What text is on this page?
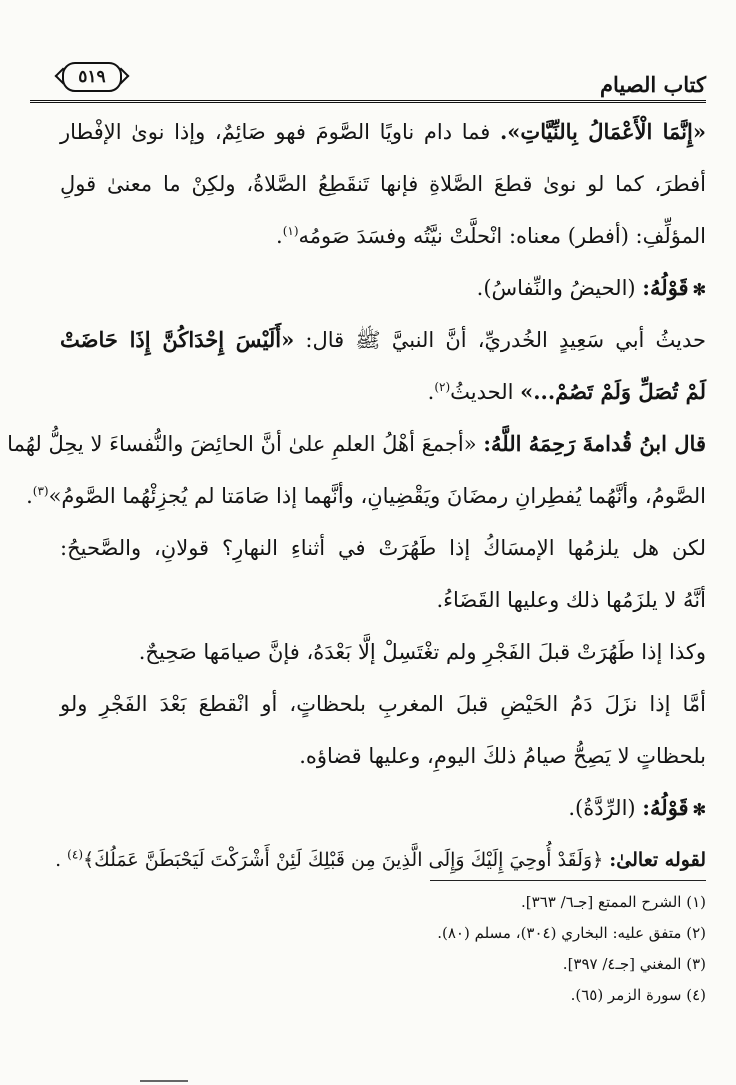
كتاب الصيام
٥١٩
«إِنَّمَا الْأَعْمَالُ بِالنِّيَّاتِ». فما دام ناويًا الصَّومَ فهو صَائِمٌ، وإذا نوىٰ الإفْطار
أفطرَ، كما لو نوىٰ قطعَ الصَّلاةِ فإنها تَنقَطِعُ الصَّلاةُ، ولكِنْ ما معنىٰ قولِ
المؤلِّفِ: (أفطر) معناه: انْحلَّتْ نيَّتُه وفسَدَ صَومُه$^{(١)}$.
✻قَوْلُهُ: (الحيضُ والنِّفاسُ).
حديثُ أبي سَعِيدٍ الخُدريِّ، أنَّ النبيَّ ﷺ قال: «أَلَيْسَ إِحْدَاكُنَّ إِذَا حَاضَتْ
لَمْ تُصَلِّ وَلَمْ تَصُمْ...» الحديثُ$^{(٢)}$.
قال ابنُ قُدامةَ رَحِمَهُ اللَّهُ: «أجمعَ أهْلُ العلمِ علىٰ أنَّ الحائِضَ والنُّفساءَ لا يحِلُّ لهُما
الصَّومُ، وأنَّهُما يُفطِرانِ رمضَانَ ويَقْضِيانِ، وأنَّهما إذا صَامَتا لم يُجزِئْهُما الصَّومُ»$^{(٣)}$.
لكن هل يلزمُها الإمسَاكُ إذا طَهُرَتْ في أثناءِ النهارِ؟ قولانِ، والصَّحيحُ:
أنَّهُ لا يلزَمُها ذلك وعليها القَضَاءُ.
وكذا إذا طَهُرَتْ قبلَ الفَجْرِ ولم تغْتَسِلْ إلَّا بَعْدَهُ، فإنَّ صيامَها صَحِيحٌ.
أمَّا إذا نزَلَ دَمُ الحَيْضِ قبلَ المغربِ بلحظاتٍ، أو انْقطعَ بَعْدَ الفَجْرِ ولو
بلحظاتٍ لا يَصِحُّ صيامُ ذلكَ اليومِ، وعليها قضاؤه.
✻قَوْلُهُ: (الرِّدَّةُ).
لقوله تعالىٰ: ﴿وَلَقَدْ أُوحِيَ إِلَيْكَ وَإِلَى الَّذِينَ مِن قَبْلِكَ لَئِنْ أَشْرَكْتَ لَيَحْبَطَنَّ عَمَلُكَ﴾$^{(٤)}$ .
(١) الشرح الممتع [جـ٦/ ٣٦٣].
(٢) متفق عليه: البخاري (٣٠٤)، مسلم (٨٠).
(٣) المغني [جـ٤/ ٣٩٧].
(٤) سورة الزمر (٦٥).
